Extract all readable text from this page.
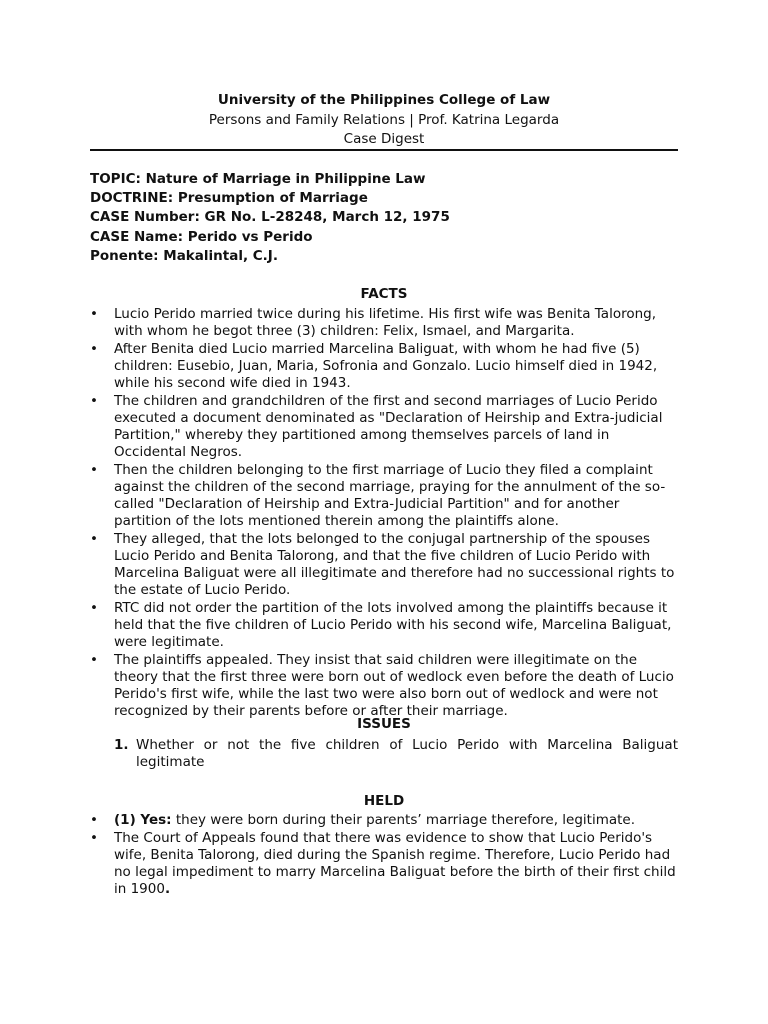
University of the Philippines College of Law
Persons and Family Relations | Prof. Katrina Legarda
Case Digest
TOPIC: Nature of Marriage in Philippine Law
DOCTRINE: Presumption of Marriage
CASE Number: GR No. L-28248, March 12, 1975
CASE Name: Perido vs Perido
Ponente: Makalintal, C.J.
FACTS
• Lucio Perido married twice during his lifetime. His first wife was Benita Talorong, with whom he begot three (3) children: Felix, Ismael, and Margarita.
• After Benita died Lucio married Marcelina Baliguat, with whom he had five (5) children: Eusebio, Juan, Maria, Sofronia and Gonzalo. Lucio himself died in 1942, while his second wife died in 1943.
• The children and grandchildren of the first and second marriages of Lucio Perido executed a document denominated as "Declaration of Heirship and Extra-judicial Partition," whereby they partitioned among themselves parcels of land in Occidental Negros.
• Then the children belonging to the first marriage of Lucio they filed a complaint against the children of the second marriage, praying for the annulment of the so-called "Declaration of Heirship and Extra-Judicial Partition" and for another partition of the lots mentioned therein among the plaintiffs alone.
• They alleged, that the lots belonged to the conjugal partnership of the spouses Lucio Perido and Benita Talorong, and that the five children of Lucio Perido with Marcelina Baliguat were all illegitimate and therefore had no successional rights to the estate of Lucio Perido.
• RTC did not order the partition of the lots involved among the plaintiffs because it held that the five children of Lucio Perido with his second wife, Marcelina Baliguat, were legitimate.
• The plaintiffs appealed. They insist that said children were illegitimate on the theory that the first three were born out of wedlock even before the death of Lucio Perido's first wife, while the last two were also born out of wedlock and were not recognized by their parents before or after their marriage.
ISSUES
1. Whether or not the five children of Lucio Perido with Marcelina Baliguat legitimate
HELD
• (1) Yes: they were born during their parents’ marriage therefore, legitimate.
• The Court of Appeals found that there was evidence to show that Lucio Perido's wife, Benita Talorong, died during the Spanish regime. Therefore, Lucio Perido had no legal impediment to marry Marcelina Baliguat before the birth of their first child in 1900.
